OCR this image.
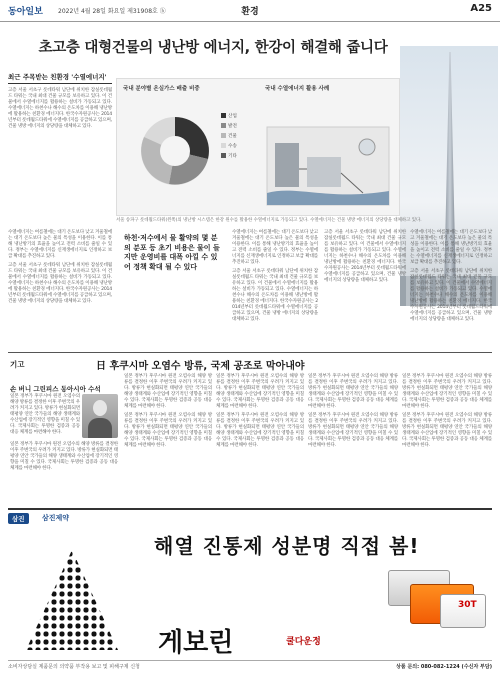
동아일보	2022년 4월 28일 화요일 제31908호 ⓑ	환경	A25
초고층 대형건물의 냉난방 에너지, 한강이 해결해 줍니다
최근 주목받는 친환경 '수열에너지'
고층 서울 서초구 롯데타워 남단에 위치한 잠실롯데월드 타워는 국내 최대 건물 규모를 보유하고 있다. 이 건물에서 수열에너지를 활용하는 설비가 가동되고 있다. 수열에너지는 하천수나 해수의 온도차를 이용해 냉난방에 활용하는 친환경 에너지다. 한국수자원공사는 2014년부터 롯데월드타워에 수열에너지를 공급하고 있으며, 건물 냉방 에너지의 상당량을 대체하고 있다.
국내 분야별 온실가스 배출 비중	국내 수열에너지 활용 사례
산업
발전
건물
수송
기타
서울 송파구 롯데월드타워(왼쪽)의 냉난방 시스템은 한강 원수를 활용한 수열에너지로 가동되고 있다. 수열에너지는 건물 냉방 에너지의 상당량을 대체하고 있다.
수열에너지는 여름철에는 대기 온도보다 낮고 겨울철에는 대기 온도보다 높은 물의 특성을 이용한다. 이를 통해 냉난방기의 효율을 높이고 전력 소비를 줄일 수 있다. 정부는 수열에너지를 신재생에너지로 인정하고 보급 확대를 추진하고 있다.
고층 서울 서초구 롯데타워 남단에 위치한 잠실롯데월드 타워는 국내 최대 건물 규모를 보유하고 있다. 이 건물에서 수열에너지를 활용하는 설비가 가동되고 있다. 수열에너지는 하천수나 해수의 온도차를 이용해 냉난방에 활용하는 친환경 에너지다. 한국수자원공사는 2014년부터 롯데월드타워에 수열에너지를 공급하고 있으며, 건물 냉방 에너지의 상당량을 대체하고 있다.
하천·저수에서 물 활약의 몇 분의 분포 등 초기 비용은 물이 들지만 운영비를 대폭 아낄 수 있어 정책 확대 될 수 있다
수열에너지는 여름철에는 대기 온도보다 낮고 겨울철에는 대기 온도보다 높은 물의 특성을 이용한다. 이를 통해 냉난방기의 효율을 높이고 전력 소비를 줄일 수 있다. 정부는 수열에너지를 신재생에너지로 인정하고 보급 확대를 추진하고 있다.
고층 서울 서초구 롯데타워 남단에 위치한 잠실롯데월드 타워는 국내 최대 건물 규모를 보유하고 있다. 이 건물에서 수열에너지를 활용하는 설비가 가동되고 있다. 수열에너지는 하천수나 해수의 온도차를 이용해 냉난방에 활용하는 친환경 에너지다. 한국수자원공사는 2014년부터 롯데월드타워에 수열에너지를 공급하고 있으며, 건물 냉방 에너지의 상당량을 대체하고 있다.
고층 서울 서초구 롯데타워 남단에 위치한 잠실롯데월드 타워는 국내 최대 건물 규모를 보유하고 있다. 이 건물에서 수열에너지를 활용하는 설비가 가동되고 있다. 수열에너지는 하천수나 해수의 온도차를 이용해 냉난방에 활용하는 친환경 에너지다. 한국수자원공사는 2014년부터 롯데월드타워에 수열에너지를 공급하고 있으며, 건물 냉방 에너지의 상당량을 대체하고 있다.
수열에너지는 여름철에는 대기 온도보다 낮고 겨울철에는 대기 온도보다 높은 물의 특성을 이용한다. 이를 통해 냉난방기의 효율을 높이고 전력 소비를 줄일 수 있다. 정부는 수열에너지를 신재생에너지로 인정하고 보급 확대를 추진하고 있다.
고층 서울 서초구 롯데타워 남단에 위치한 잠실롯데월드 타워는 국내 최대 건물 규모를 보유하고 있다. 이 건물에서 수열에너지를 활용하는 설비가 가동되고 있다. 수열에너지는 하천수나 해수의 온도차를 이용해 냉난방에 활용하는 친환경 에너지다. 한국수자원공사는 2014년부터 롯데월드타워에 수열에너지를 공급하고 있으며, 건물 냉방 에너지의 상당량을 대체하고 있다.
기고	日 후쿠시마 오염수 방류, 국제 공조로 막아내야
손 버니 그린피스 동아시아 수석
일본 정부가 후쿠시마 원전 오염수의 해양 방류를 결정한 이후 주변국의 우려가 커지고 있다. 방류가 현실화되면 태평양 연안 국가들의 해양 생태계와 수산업에 장기적인 영향을 미칠 수 있다. 국제사회는 투명한 검증과 공동 대응 체계를 마련해야 한다.
일본 정부가 후쿠시마 원전 오염수의 해양 방류를 결정한 이후 주변국의 우려가 커지고 있다. 방류가 현실화되면 태평양 연안 국가들의 해양 생태계와 수산업에 장기적인 영향을 미칠 수 있다. 국제사회는 투명한 검증과 공동 대응 체계를 마련해야 한다.
일본 정부가 후쿠시마 원전 오염수의 해양 방류를 결정한 이후 주변국의 우려가 커지고 있다. 방류가 현실화되면 태평양 연안 국가들의 해양 생태계와 수산업에 장기적인 영향을 미칠 수 있다. 국제사회는 투명한 검증과 공동 대응 체계를 마련해야 한다.
일본 정부가 후쿠시마 원전 오염수의 해양 방류를 결정한 이후 주변국의 우려가 커지고 있다. 방류가 현실화되면 태평양 연안 국가들의 해양 생태계와 수산업에 장기적인 영향을 미칠 수 있다. 국제사회는 투명한 검증과 공동 대응 체계를 마련해야 한다.
일본 정부가 후쿠시마 원전 오염수의 해양 방류를 결정한 이후 주변국의 우려가 커지고 있다. 방류가 현실화되면 태평양 연안 국가들의 해양 생태계와 수산업에 장기적인 영향을 미칠 수 있다. 국제사회는 투명한 검증과 공동 대응 체계를 마련해야 한다.
일본 정부가 후쿠시마 원전 오염수의 해양 방류를 결정한 이후 주변국의 우려가 커지고 있다. 방류가 현실화되면 태평양 연안 국가들의 해양 생태계와 수산업에 장기적인 영향을 미칠 수 있다. 국제사회는 투명한 검증과 공동 대응 체계를 마련해야 한다.
일본 정부가 후쿠시마 원전 오염수의 해양 방류를 결정한 이후 주변국의 우려가 커지고 있다. 방류가 현실화되면 태평양 연안 국가들의 해양 생태계와 수산업에 장기적인 영향을 미칠 수 있다. 국제사회는 투명한 검증과 공동 대응 체계를 마련해야 한다.
일본 정부가 후쿠시마 원전 오염수의 해양 방류를 결정한 이후 주변국의 우려가 커지고 있다. 방류가 현실화되면 태평양 연안 국가들의 해양 생태계와 수산업에 장기적인 영향을 미칠 수 있다. 국제사회는 투명한 검증과 공동 대응 체계를 마련해야 한다.
일본 정부가 후쿠시마 원전 오염수의 해양 방류를 결정한 이후 주변국의 우려가 커지고 있다. 방류가 현실화되면 태평양 연안 국가들의 해양 생태계와 수산업에 장기적인 영향을 미칠 수 있다. 국제사회는 투명한 검증과 공동 대응 체계를 마련해야 한다.
일본 정부가 후쿠시마 원전 오염수의 해양 방류를 결정한 이후 주변국의 우려가 커지고 있다. 방류가 현실화되면 태평양 연안 국가들의 해양 생태계와 수산업에 장기적인 영향을 미칠 수 있다. 국제사회는 투명한 검증과 공동 대응 체계를 마련해야 한다.
삼진	삼진제약
해열 진통제 성분명 직접 봄!
게보린	쿨다운정
30T
소비자상담실 제품문의 의약품 부작용 보고 및 피해구제 신청	상품 문의: 080-082-1224 (수신자 부담)
